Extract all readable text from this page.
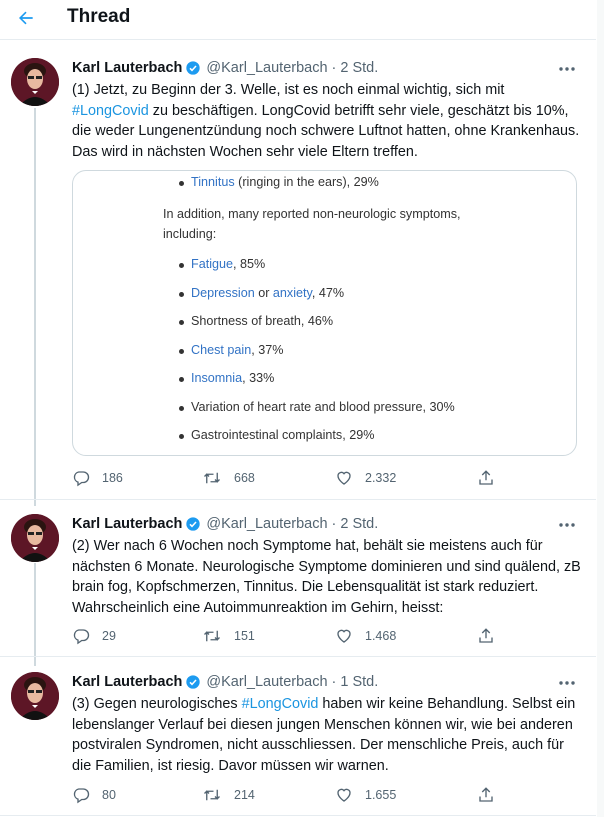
Thread
Karl Lauterbach @Karl_Lauterbach · 2 Std.
(1) Jetzt, zu Beginn der 3. Welle, ist es noch einmal wichtig, sich mit #LongCovid zu beschäftigen. LongCovid betrifft sehr viele, geschätzt bis 10%, die weder Lungenentzündung noch schwere Luftnot hatten, ohne Krankenhaus. Das wird in nächsten Wochen sehr viele Eltern treffen.
Tinnitus (ringing in the ears), 29%
In addition, many reported non-neurologic symptoms,
including:
Fatigue, 85%
Depression or anxiety, 47%
Shortness of breath, 46%
Chest pain, 37%
Insomnia, 33%
Variation of heart rate and blood pressure, 30%
Gastrointestinal complaints, 29%
186	668	2.332
Karl Lauterbach @Karl_Lauterbach · 2 Std.
(2) Wer nach 6 Wochen noch Symptome hat, behält sie meistens auch für nächsten 6 Monate. Neurologische Symptome dominieren und sind quälend, zB brain fog, Kopfschmerzen, Tinnitus. Die Lebensqualität ist stark reduziert. Wahrscheinlich eine Autoimmunreaktion im Gehirn, heisst:
29	151	1.468
Karl Lauterbach @Karl_Lauterbach · 1 Std.
(3) Gegen neurologisches #LongCovid haben wir keine Behandlung. Selbst ein lebenslanger Verlauf bei diesen jungen Menschen können wir, wie bei anderen postviralen Syndromen, nicht ausschliessen. Der menschliche Preis, auch für die Familien, ist riesig. Davor müssen wir warnen.
80	214	1.655
